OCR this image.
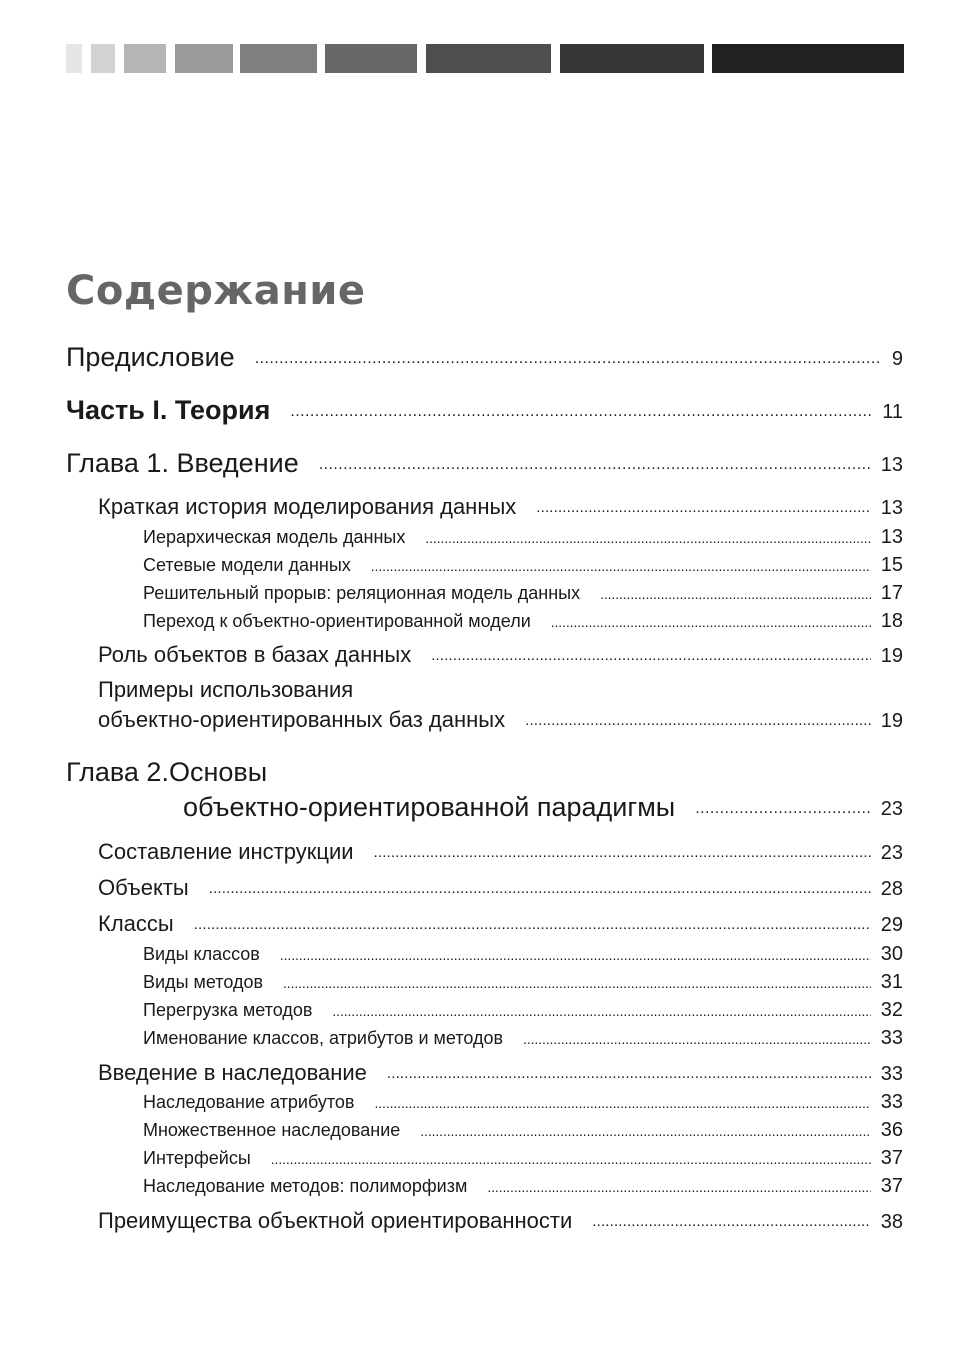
Содержание
Предисловие . . .	9
Часть I. Теория . . .	11
Глава 1. Введение . . .	13
Краткая история моделирования данных . . .	13
Иерархическая модель данных . . .	13
Сетевые модели данных . . .	15
Решительный прорыв: реляционная модель данных . . .	17
Переход к объектно-ориентированной модели . . .	18
Роль объектов в базах данных . . .	19
Примеры использования
объектно-ориентированных баз данных . . .	19
Глава 2.Основы
объектно-ориентированной парадигмы . . .	23
Составление инструкции . . .	23
Объекты . . .	28
Классы . . .	29
Виды классов . . .	30
Виды методов . . .	31
Перегрузка методов . . .	32
Именование классов, атрибутов и методов . . .	33
Введение в наследование . . .	33
Наследование атрибутов . . .	33
Множественное наследование . . .	36
Интерфейсы . . .	37
Наследование методов: полиморфизм . . .	37
Преимущества объектной ориентированности . . .	38
